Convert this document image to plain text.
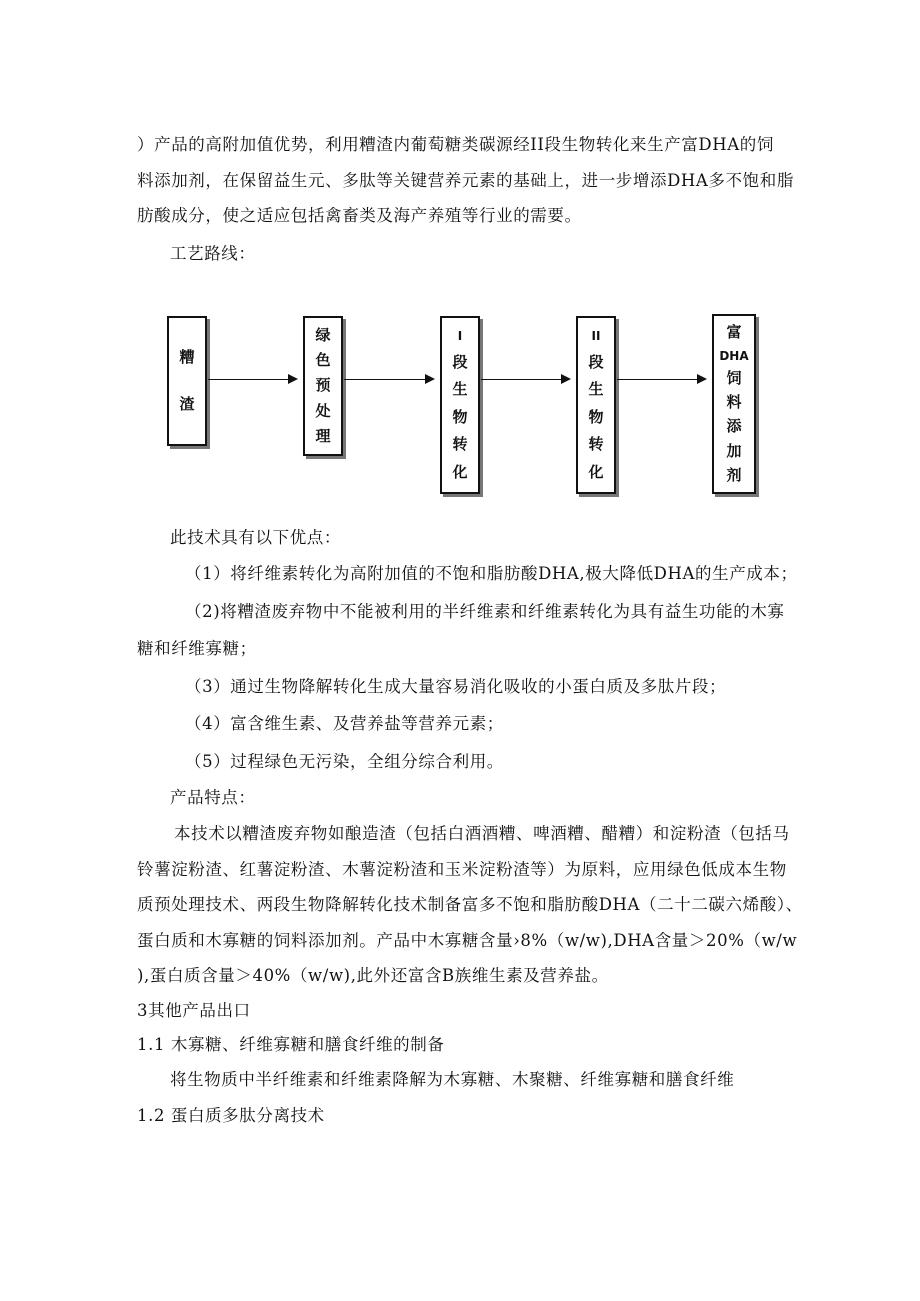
）产品的高附加值优势，利用糟渣内葡萄糖类碳源经II段生物转化来生产富DHA的饲
料添加剂，在保留益生元、多肽等关键营养元素的基础上，进一步增添DHA多不饱和脂
肪酸成分，使之适应包括禽畜类及海产养殖等行业的需要。
工艺路线：
糟
渣
绿
色
预
处
理
I
段
生
物
转
化
II
段
生
物
转
化
富
DHA
饲
料
添
加
剂
此技术具有以下优点：
（1）将纤维素转化为高附加值的不饱和脂肪酸DHA,极大降低DHA的生产成本；
（2)将糟渣废弃物中不能被利用的半纤维素和纤维素转化为具有益生功能的木寡
糖和纤维寡糖；
（3）通过生物降解转化生成大量容易消化吸收的小蛋白质及多肽片段；
（4）富含维生素、及营养盐等营养元素；
（5）过程绿色无污染，全组分综合利用。
产品特点：
本技术以糟渣废弃物如酿造渣（包括白酒酒糟、啤酒糟、醋糟）和淀粉渣（包括马
铃薯淀粉渣、红薯淀粉渣、木薯淀粉渣和玉米淀粉渣等）为原料，应用绿色低成本生物
质预处理技术、两段生物降解转化技术制备富多不饱和脂肪酸DHA（二十二碳六烯酸）、
蛋白质和木寡糖的饲料添加剂。产品中木寡糖含量›8%（w/w),DHA含量＞20%（w/w
),蛋白质含量＞40%（w/w),此外还富含B族维生素及营养盐。
3其他产品出口
1.1 木寡糖、纤维寡糖和膳食纤维的制备
将生物质中半纤维素和纤维素降解为木寡糖、木聚糖、纤维寡糖和膳食纤维
1.2 蛋白质多肽分离技术
